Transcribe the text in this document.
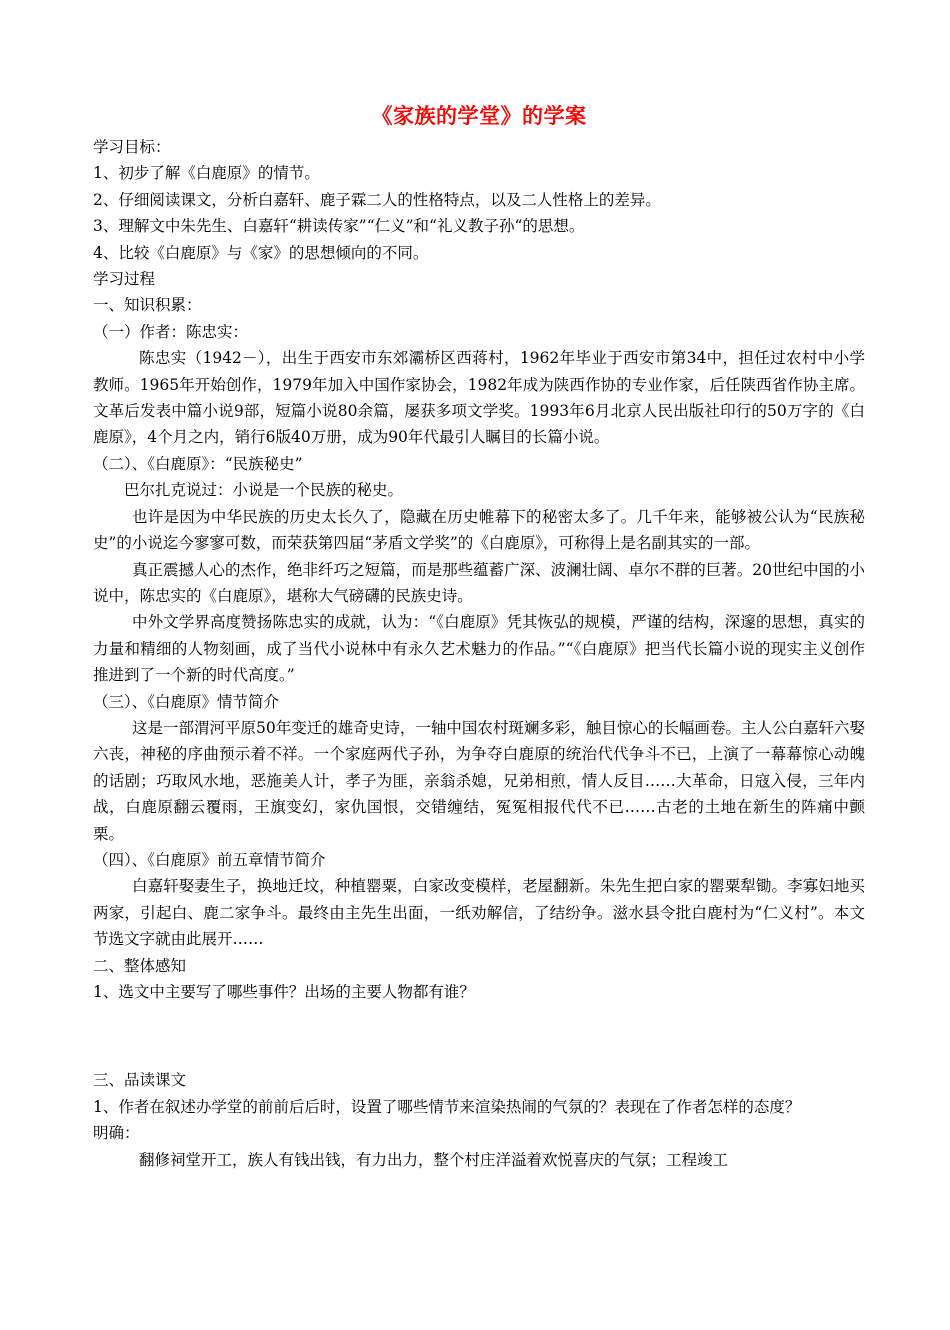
《家族的学堂》的学案
学习目标：
1、初步了解《白鹿原》的情节。
2、仔细阅读课文，分析白嘉轩、鹿子霖二人的性格特点，以及二人性格上的差异。
3、理解文中朱先生、白嘉轩“耕读传家”“仁义”和“礼义教子孙“的思想。
4、比较《白鹿原》与《家》的思想倾向的不同。
学习过程
一、知识积累：
（一）作者：陈忠实：

陈忠实（1942－），出生于西安市东郊灞桥区西蒋村，1962年毕业于西安市第34中，担任过农村中小学教师。1965年开始创作，1979年加入中国作家协会，1982年成为陕西作协的专业作家，后任陕西省作协主席。文革后发表中篇小说9部，短篇小说80余篇，屡获多项文学奖。1993年6月北京人民出版社印行的50万字的《白鹿原》，4个月之内，销行6版40万册，成为90年代最引人瞩目的长篇小说。

（二）、《白鹿原》：“民族秘史”
巴尔扎克说过：小说是一个民族的秘史。

也许是因为中华民族的历史太长久了，隐藏在历史帷幕下的秘密太多了。几千年来，能够被公认为“民族秘史”的小说迄今寥寥可数，而荣获第四届“茅盾文学奖”的《白鹿原》，可称得上是名副其实的一部。

真正震撼人心的杰作，绝非纤巧之短篇，而是那些蕴蓄广深、波澜壮阔、卓尔不群的巨著。20世纪中国的小说中，陈忠实的《白鹿原》，堪称大气磅礴的民族史诗。

中外文学界高度赞扬陈忠实的成就，认为：“《白鹿原》凭其恢弘的规模，严谨的结构，深邃的思想，真实的力量和精细的人物刻画，成了当代小说林中有永久艺术魅力的作品。”“《白鹿原》把当代长篇小说的现实主义创作推进到了一个新的时代高度。”

（三）、《白鹿原》情节简介

这是一部渭河平原50年变迁的雄奇史诗，一轴中国农村斑斓多彩，触目惊心的长幅画卷。主人公白嘉轩六娶六丧，神秘的序曲预示着不祥。一个家庭两代子孙，为争夺白鹿原的统治代代争斗不已，上演了一幕幕惊心动魄的话剧；巧取风水地，恶施美人计，孝子为匪，亲翁杀媳，兄弟相煎，情人反目……大革命，日寇入侵，三年内战，白鹿原翻云覆雨，王旗变幻，家仇国恨，交错缠结，冤冤相报代代不已……古老的土地在新生的阵痛中颤栗。

（四）、《白鹿原》前五章情节简介

白嘉轩娶妻生子，换地迁坟，种植罂粟，白家改变模样，老屋翻新。朱先生把白家的罂粟犁锄。李寡妇地买两家，引起白、鹿二家争斗。最终由主先生出面，一纸劝解信，了结纷争。滋水县令批白鹿村为“仁义村”。本文节选文字就由此展开……

二、整体感知
1、选文中主要写了哪些事件？出场的主要人物都有谁？
三、品读课文

1、作者在叙述办学堂的前前后后时，设置了哪些情节来渲染热闹的气氛的？表现在了作者怎样的态度？

明确：

翻修祠堂开工，族人有钱出钱，有力出力，整个村庄洋溢着欢悦喜庆的气氛；工程竣工
